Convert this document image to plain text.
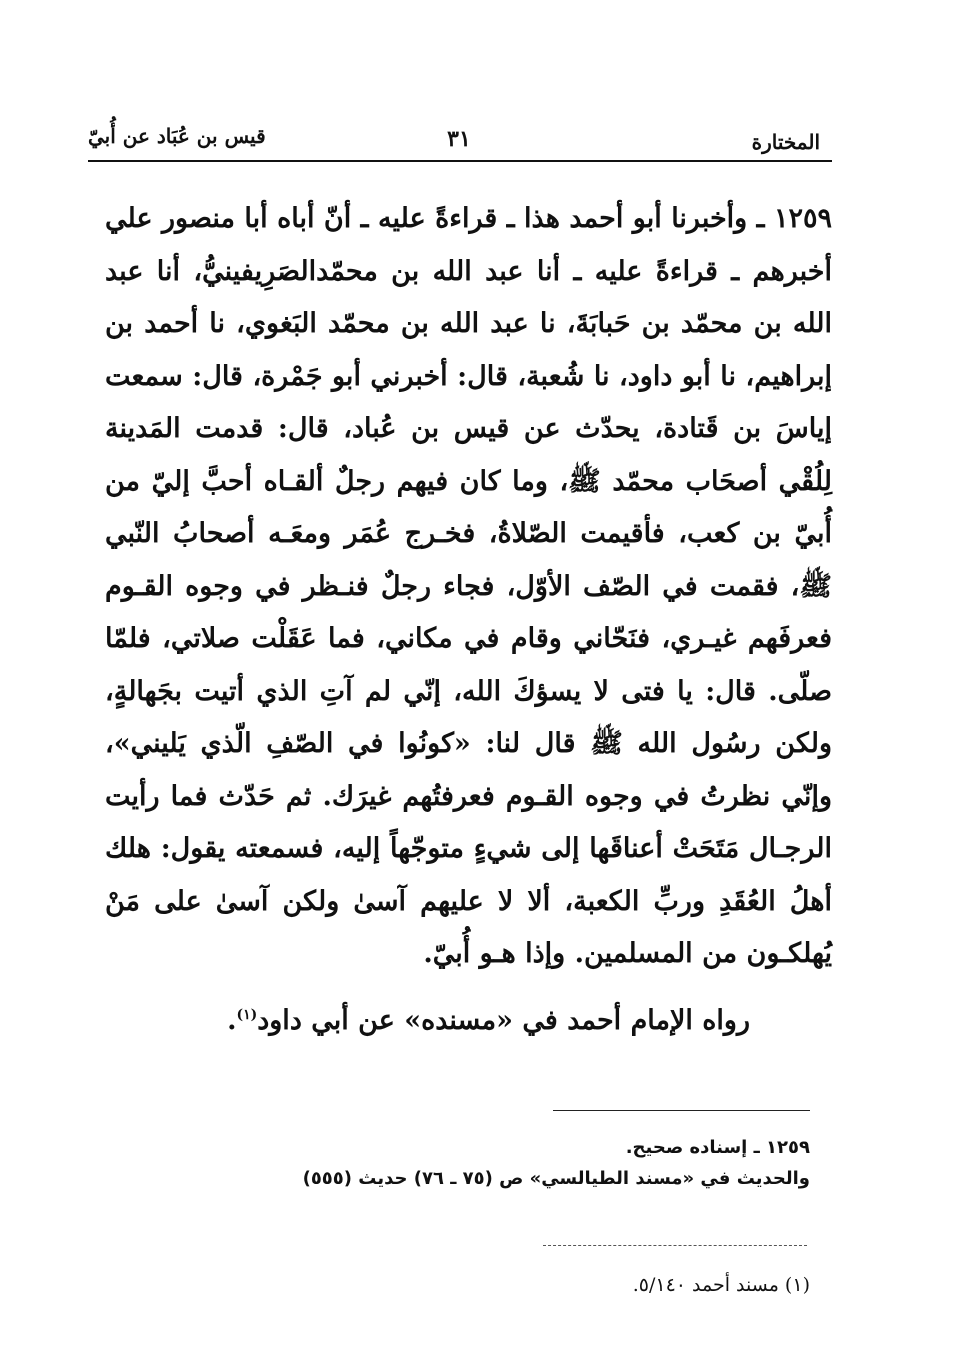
المختارة
٣١
قيس بن عُبَاد عن أُبيّ

١٢٥٩ ـ وأخبرنا أبو أحمد هذا ـ قراءةً عليه ـ أنّ أباه أبا منصور علي أخبرهم ـ قراءةً عليه ـ أنا عبد الله بن محمّدالصَرِيفينيُّ، أنا عبد الله بن محمّد بن حَبابَةَ، نا عبد الله بن محمّد البَغوي، نا أحمد بن إبراهيم، نا أبو داود، نا شُعبة، قال: أخبرني أبو جَمْرة، قال: سمعت إياسَ بن قَتادة، يحدّث عن قيس بن عُباد، قال: قدمت المَدينة لِلُقْي أصحَاب محمّد ﷺ، وما كان فيهم رجلٌ ألقـاه أحبَّ إليّ من أُبيّ بن كعب، فأقيمت الصّلاةُ، فخـرج عُمَر ومعَـه أصحابُ النّبي ﷺ، فقمت في الصّف الأوّل، فجاء رجلٌ فنـظر في وجوه القـوم فعرفَهم غيـري، فنَحّاني وقام في مكاني، فما عَقَلْت صلاتي، فلمّا صلّى. قال: يا فتى لا يسؤكَ الله، إنّي لم آتِ الذي أتيت بجَهالةٍ، ولكن رسُول الله ﷺ قال لنا: «كونُوا في الصّفِ الّذي يَليني»، وإنّي نظرتُ في وجوه القـوم فعرفتُهم غيرَك. ثم حَدّث فما رأيت الرجـال مَتَحَتْ أعناقَها إلى شيءٍ متوجّهاً إليه، فسمعته يقول: هلك أهلُ العُقَدِ وربِّ الكعبة، ألا لا عليهم آسىٰ ولكن آسىٰ على مَنْ يُهلكـون من المسلمين. وإذا هـو أُبيّ.

رواه الإمام أحمد في «مسنده» عن أبي داود$^{(١)}$.
١٢٥٩ ـ إسناده صحيح.
والحديث في «مسند الطيالسي» ص (٧٥ ـ ٧٦) حديث (٥٥٥)
(١) مسند أحمد ٥/١٤٠.
